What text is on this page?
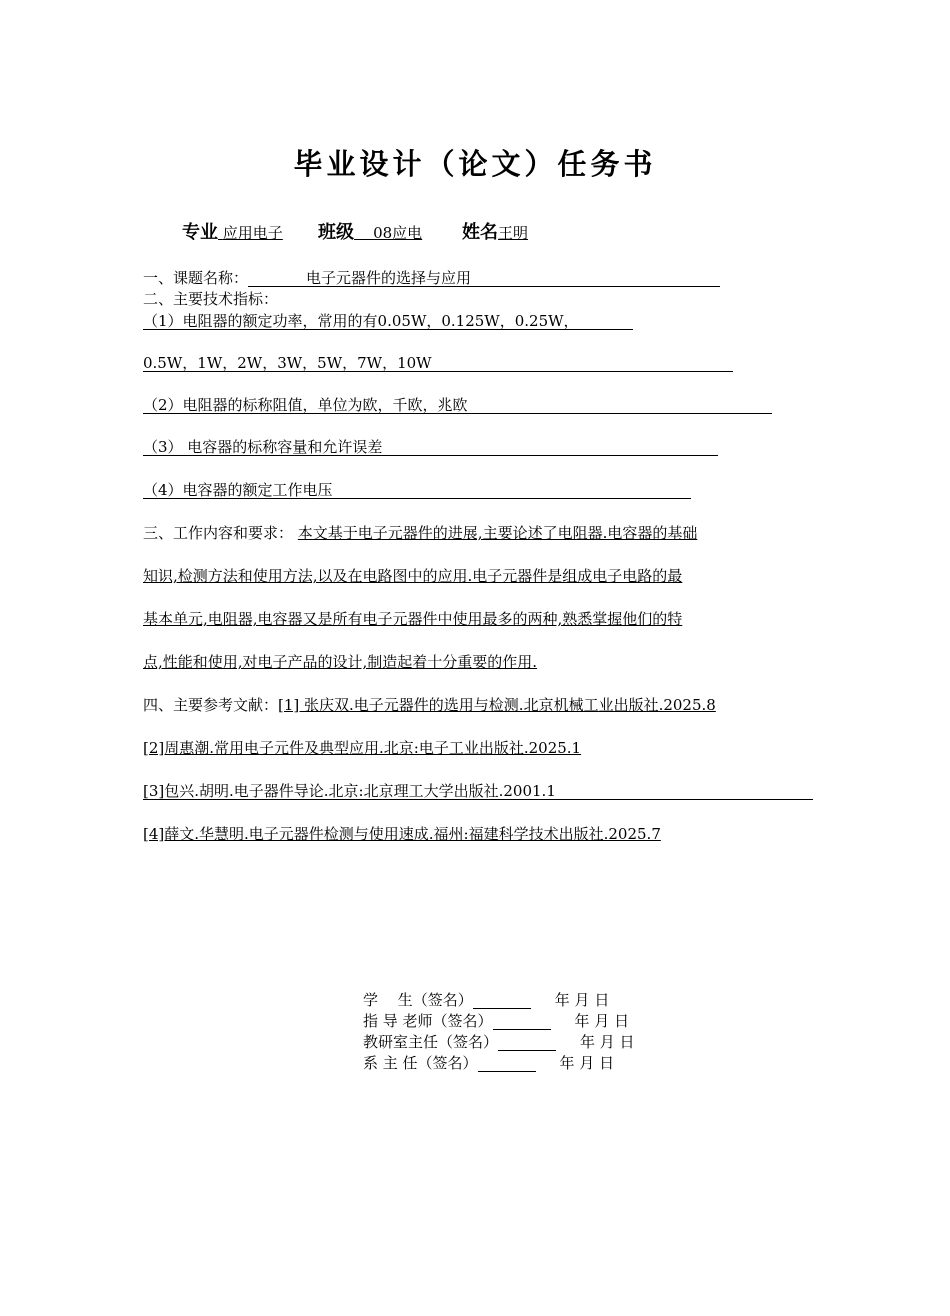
毕业设计（论文）任务书
专业 应用电子 班级 08应电 姓名王明
一、课题名称：	电子元器件的选择与应用
二、主要技术指标：
（1）电阻器的额定功率，常用的有0.05W，0.125W，0.25W，
0.5W，1W，2W，3W，5W，7W，10W
（2）电阻器的标称阻值，单位为欧，千欧，兆欧
（3） 电容器的标称容量和允许误差
（4）电容器的额定工作电压
三、工作内容和要求： 本文基于电子元器件的进展,主要论述了电阻器.电容器的基础
知识,检测方法和使用方法,以及在电路图中的应用.电子元器件是组成电子电路的最
基本单元,电阻器,电容器又是所有电子元器件中使用最多的两种,熟悉掌握他们的特
点,性能和使用,对电子产品的设计,制造起着十分重要的作用.
四、主要参考文献：[1] 张庆双.电子元器件的选用与检测.北京机械工业出版社.2025.8
[2]周惠潮.常用电子元件及典型应用.北京:电子工业出版社.2025.1
[3]包兴.胡明.电子器件导论.北京:北京理工大学出版社.2001.1
[4]薛文.华慧明.电子元器件检测与使用速成.福州:福建科学技术出版社.2025.7
学　 生（签名）	年 月 日
指 导 老师（签名）	年 月 日
教研室主任（签名）	年 月 日
系 主 任（签名）	年 月 日
